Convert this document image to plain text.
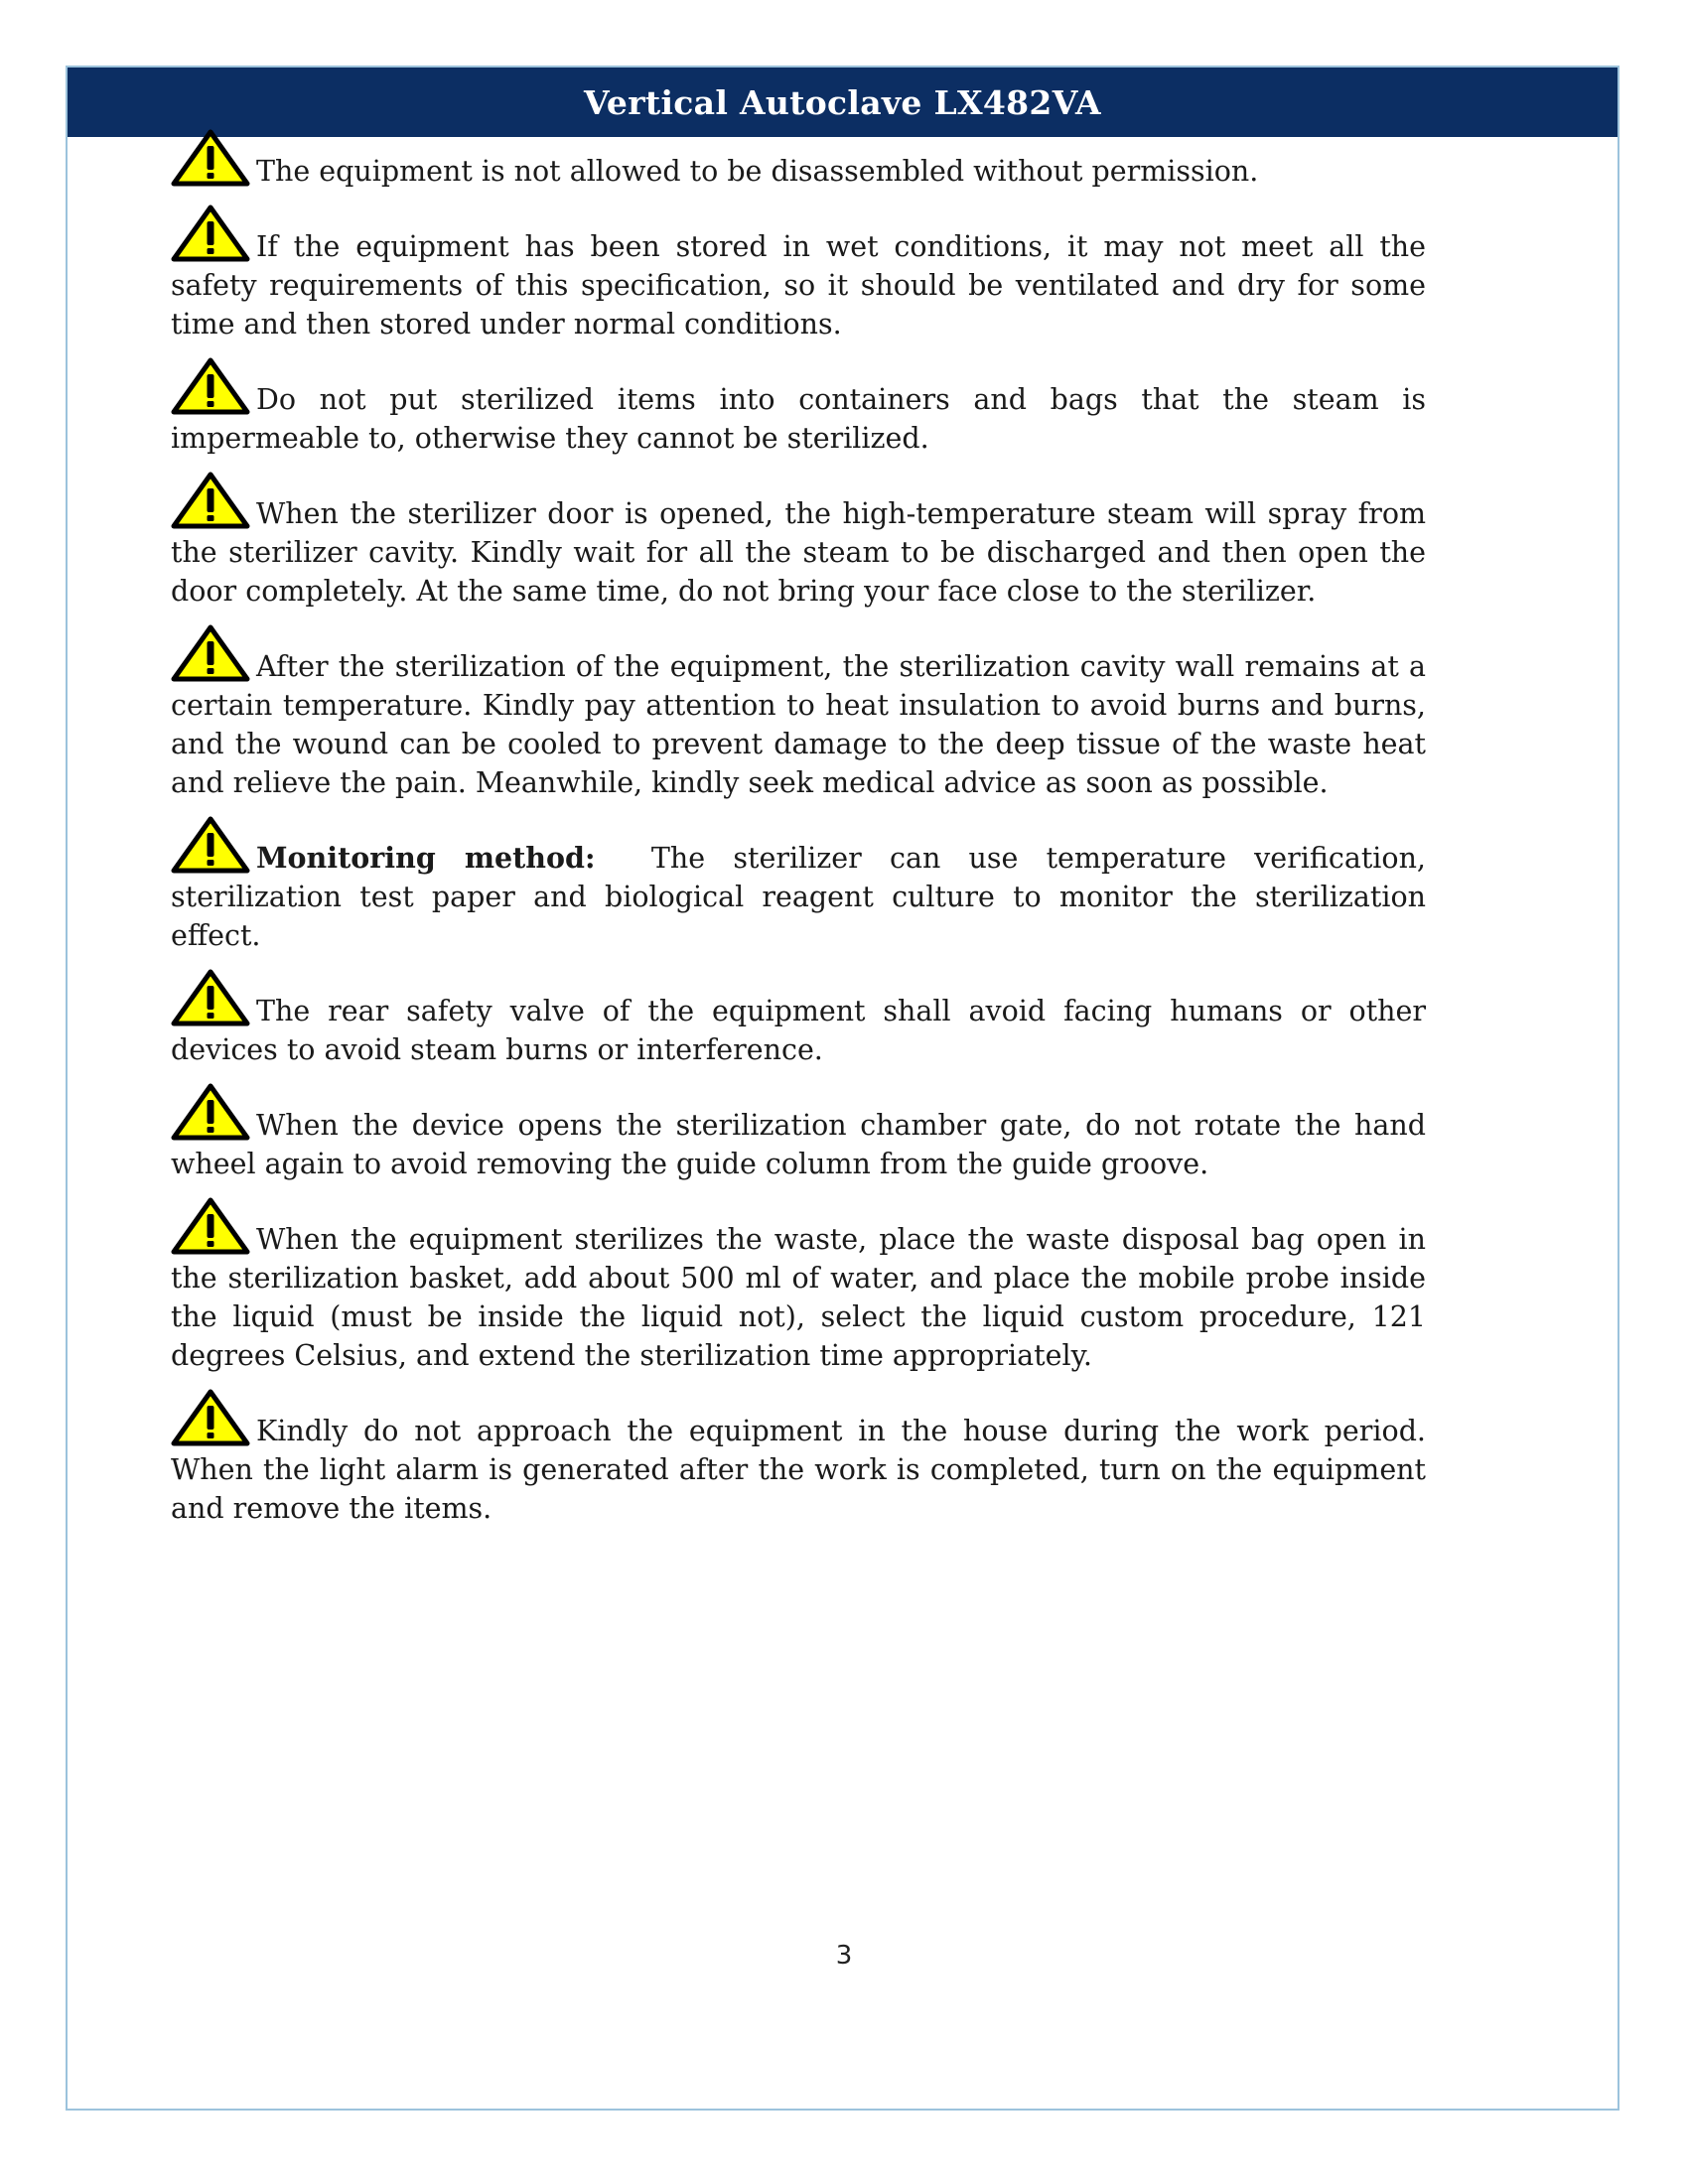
Vertical Autoclave LX482VA

The equipment is not allowed to be disassembled without permission.

If the equipment has been stored in wet conditions, it may not meet all the safety requirements of this specification, so it should be ventilated and dry for some time and then stored under normal conditions.

Do not put sterilized items into containers and bags that the steam is impermeable to, otherwise they cannot be sterilized.

When the sterilizer door is opened, the high-temperature steam will spray from the sterilizer cavity. Kindly wait for all the steam to be discharged and then open the door completely. At the same time, do not bring your face close to the sterilizer.

After the sterilization of the equipment, the sterilization cavity wall remains at a certain temperature. Kindly pay attention to heat insulation to avoid burns and burns, and the wound can be cooled to prevent damage to the deep tissue of the waste heat and relieve the pain. Meanwhile, kindly seek medical advice as soon as possible.

Monitoring method: The sterilizer can use temperature verification, sterilization test paper and biological reagent culture to monitor the sterilization effect.

The rear safety valve of the equipment shall avoid facing humans or other devices to avoid steam burns or interference.

When the device opens the sterilization chamber gate, do not rotate the hand wheel again to avoid removing the guide column from the guide groove.

When the equipment sterilizes the waste, place the waste disposal bag open in the sterilization basket, add about 500 ml of water, and place the mobile probe inside the liquid (must be inside the liquid not), select the liquid custom procedure, 121 degrees Celsius, and extend the sterilization time appropriately.

Kindly do not approach the equipment in the house during the work period. When the light alarm is generated after the work is completed, turn on the equipment and remove the items.

3
